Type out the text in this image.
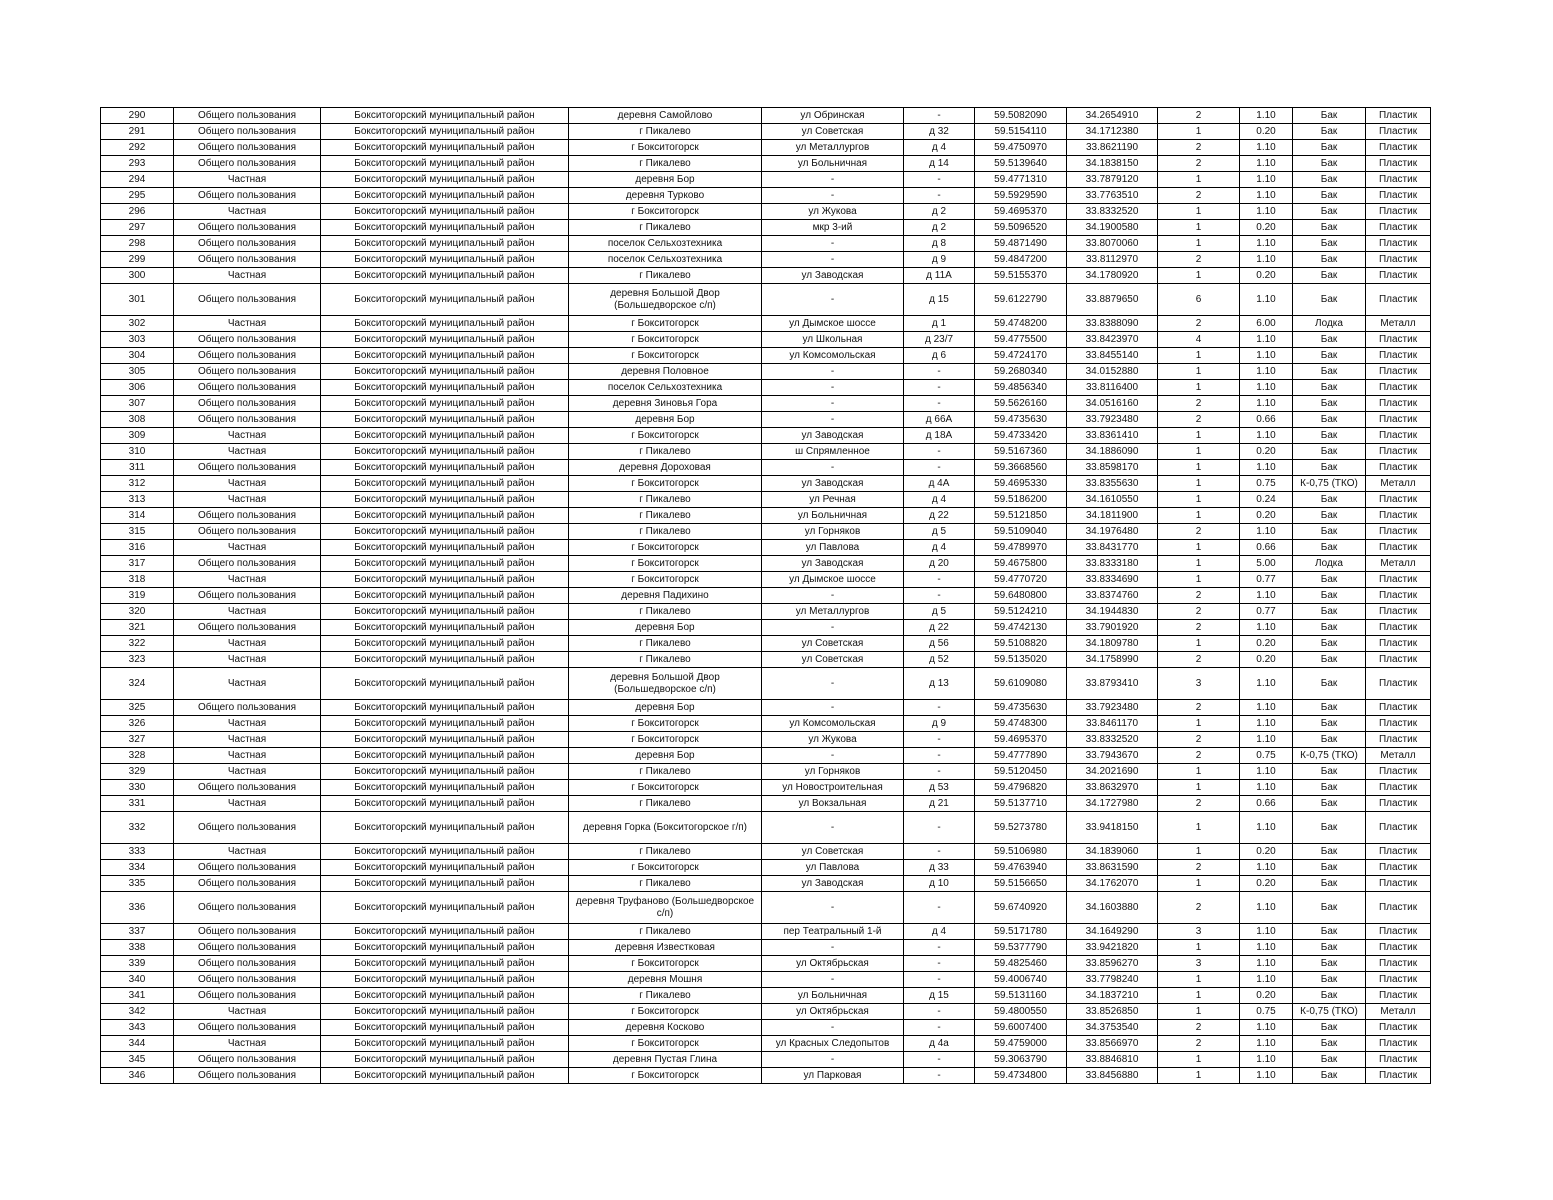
290	Общего пользования	Бокситогорский муниципальный район	деревня Самойлово	ул Обринская	-	59.5082090	34.2654910	2	1.10	Бак	Пластик
291	Общего пользования	Бокситогорский муниципальный район	г Пикалево	ул Советская	д 32	59.5154110	34.1712380	1	0.20	Бак	Пластик
292	Общего пользования	Бокситогорский муниципальный район	г Бокситогорск	ул Металлургов	д 4	59.4750970	33.8621190	2	1.10	Бак	Пластик
293	Общего пользования	Бокситогорский муниципальный район	г Пикалево	ул Больничная	д 14	59.5139640	34.1838150	2	1.10	Бак	Пластик
294	Частная	Бокситогорский муниципальный район	деревня Бор	-	-	59.4771310	33.7879120	1	1.10	Бак	Пластик
295	Общего пользования	Бокситогорский муниципальный район	деревня Турково	-	-	59.5929590	33.7763510	2	1.10	Бак	Пластик
296	Частная	Бокситогорский муниципальный район	г Бокситогорск	ул Жукова	д 2	59.4695370	33.8332520	1	1.10	Бак	Пластик
297	Общего пользования	Бокситогорский муниципальный район	г Пикалево	мкр 3-ий	д 2	59.5096520	34.1900580	1	0.20	Бак	Пластик
298	Общего пользования	Бокситогорский муниципальный район	поселок Сельхозтехника	-	д 8	59.4871490	33.8070060	1	1.10	Бак	Пластик
299	Общего пользования	Бокситогорский муниципальный район	поселок Сельхозтехника	-	д 9	59.4847200	33.8112970	2	1.10	Бак	Пластик
300	Частная	Бокситогорский муниципальный район	г Пикалево	ул Заводская	д 11А	59.5155370	34.1780920	1	0.20	Бак	Пластик
301	Общего пользования	Бокситогорский муниципальный район	деревня Большой Двор (Большедворское с/п)	-	д 15	59.6122790	33.8879650	6	1.10	Бак	Пластик
302	Частная	Бокситогорский муниципальный район	г Бокситогорск	ул Дымское шоссе	д 1	59.4748200	33.8388090	2	6.00	Лодка	Металл
303	Общего пользования	Бокситогорский муниципальный район	г Бокситогорск	ул Школьная	д 23/7	59.4775500	33.8423970	4	1.10	Бак	Пластик
304	Общего пользования	Бокситогорский муниципальный район	г Бокситогорск	ул Комсомольская	д 6	59.4724170	33.8455140	1	1.10	Бак	Пластик
305	Общего пользования	Бокситогорский муниципальный район	деревня Половное	-	-	59.2680340	34.0152880	1	1.10	Бак	Пластик
306	Общего пользования	Бокситогорский муниципальный район	поселок Сельхозтехника	-	-	59.4856340	33.8116400	1	1.10	Бак	Пластик
307	Общего пользования	Бокситогорский муниципальный район	деревня Зиновья Гора	-	-	59.5626160	34.0516160	2	1.10	Бак	Пластик
308	Общего пользования	Бокситогорский муниципальный район	деревня Бор	-	д 66А	59.4735630	33.7923480	2	0.66	Бак	Пластик
309	Частная	Бокситогорский муниципальный район	г Бокситогорск	ул Заводская	д 18А	59.4733420	33.8361410	1	1.10	Бак	Пластик
310	Частная	Бокситогорский муниципальный район	г Пикалево	ш Спрямленное	-	59.5167360	34.1886090	1	0.20	Бак	Пластик
311	Общего пользования	Бокситогорский муниципальный район	деревня Дороховая	-	-	59.3668560	33.8598170	1	1.10	Бак	Пластик
312	Частная	Бокситогорский муниципальный район	г Бокситогорск	ул Заводская	д 4А	59.4695330	33.8355630	1	0.75	К-0,75 (ТКО)	Металл
313	Частная	Бокситогорский муниципальный район	г Пикалево	ул Речная	д 4	59.5186200	34.1610550	1	0.24	Бак	Пластик
314	Общего пользования	Бокситогорский муниципальный район	г Пикалево	ул Больничная	д 22	59.5121850	34.1811900	1	0.20	Бак	Пластик
315	Общего пользования	Бокситогорский муниципальный район	г Пикалево	ул Горняков	д 5	59.5109040	34.1976480	2	1.10	Бак	Пластик
316	Частная	Бокситогорский муниципальный район	г Бокситогорск	ул Павлова	д 4	59.4789970	33.8431770	1	0.66	Бак	Пластик
317	Общего пользования	Бокситогорский муниципальный район	г Бокситогорск	ул Заводская	д 20	59.4675800	33.8333180	1	5.00	Лодка	Металл
318	Частная	Бокситогорский муниципальный район	г Бокситогорск	ул Дымское шоссе	-	59.4770720	33.8334690	1	0.77	Бак	Пластик
319	Общего пользования	Бокситогорский муниципальный район	деревня Падихино	-	-	59.6480800	33.8374760	2	1.10	Бак	Пластик
320	Частная	Бокситогорский муниципальный район	г Пикалево	ул Металлургов	д 5	59.5124210	34.1944830	2	0.77	Бак	Пластик
321	Общего пользования	Бокситогорский муниципальный район	деревня Бор	-	д 22	59.4742130	33.7901920	2	1.10	Бак	Пластик
322	Частная	Бокситогорский муниципальный район	г Пикалево	ул Советская	д 56	59.5108820	34.1809780	1	0.20	Бак	Пластик
323	Частная	Бокситогорский муниципальный район	г Пикалево	ул Советская	д 52	59.5135020	34.1758990	2	0.20	Бак	Пластик
324	Частная	Бокситогорский муниципальный район	деревня Большой Двор (Большедворское с/п)	-	д 13	59.6109080	33.8793410	3	1.10	Бак	Пластик
325	Общего пользования	Бокситогорский муниципальный район	деревня Бор	-	-	59.4735630	33.7923480	2	1.10	Бак	Пластик
326	Частная	Бокситогорский муниципальный район	г Бокситогорск	ул Комсомольская	д 9	59.4748300	33.8461170	1	1.10	Бак	Пластик
327	Частная	Бокситогорский муниципальный район	г Бокситогорск	ул Жукова	-	59.4695370	33.8332520	2	1.10	Бак	Пластик
328	Частная	Бокситогорский муниципальный район	деревня Бор	-	-	59.4777890	33.7943670	2	0.75	К-0,75 (ТКО)	Металл
329	Частная	Бокситогорский муниципальный район	г Пикалево	ул Горняков	-	59.5120450	34.2021690	1	1.10	Бак	Пластик
330	Общего пользования	Бокситогорский муниципальный район	г Бокситогорск	ул Новостроительная	д 53	59.4796820	33.8632970	1	1.10	Бак	Пластик
331	Частная	Бокситогорский муниципальный район	г Пикалево	ул Вокзальная	д 21	59.5137710	34.1727980	2	0.66	Бак	Пластик
332	Общего пользования	Бокситогорский муниципальный район	деревня Горка (Бокситогорское г/п)	-	-	59.5273780	33.9418150	1	1.10	Бак	Пластик
333	Частная	Бокситогорский муниципальный район	г Пикалево	ул Советская	-	59.5106980	34.1839060	1	0.20	Бак	Пластик
334	Общего пользования	Бокситогорский муниципальный район	г Бокситогорск	ул Павлова	д 33	59.4763940	33.8631590	2	1.10	Бак	Пластик
335	Общего пользования	Бокситогорский муниципальный район	г Пикалево	ул Заводская	д 10	59.5156650	34.1762070	1	0.20	Бак	Пластик
336	Общего пользования	Бокситогорский муниципальный район	деревня Труфаново (Большедворское с/п)	-	-	59.6740920	34.1603880	2	1.10	Бак	Пластик
337	Общего пользования	Бокситогорский муниципальный район	г Пикалево	пер Театральный 1-й	д 4	59.5171780	34.1649290	3	1.10	Бак	Пластик
338	Общего пользования	Бокситогорский муниципальный район	деревня Известковая	-	-	59.5377790	33.9421820	1	1.10	Бак	Пластик
339	Общего пользования	Бокситогорский муниципальный район	г Бокситогорск	ул Октябрьская	-	59.4825460	33.8596270	3	1.10	Бак	Пластик
340	Общего пользования	Бокситогорский муниципальный район	деревня Мошня	-	-	59.4006740	33.7798240	1	1.10	Бак	Пластик
341	Общего пользования	Бокситогорский муниципальный район	г Пикалево	ул Больничная	д 15	59.5131160	34.1837210	1	0.20	Бак	Пластик
342	Частная	Бокситогорский муниципальный район	г Бокситогорск	ул Октябрьская	-	59.4800550	33.8526850	1	0.75	К-0,75 (ТКО)	Металл
343	Общего пользования	Бокситогорский муниципальный район	деревня Косково	-	-	59.6007400	34.3753540	2	1.10	Бак	Пластик
344	Частная	Бокситогорский муниципальный район	г Бокситогорск	ул Красных Следопытов	д 4а	59.4759000	33.8566970	2	1.10	Бак	Пластик
345	Общего пользования	Бокситогорский муниципальный район	деревня Пустая Глина	-	-	59.3063790	33.8846810	1	1.10	Бак	Пластик
346	Общего пользования	Бокситогорский муниципальный район	г Бокситогорск	ул Парковая	-	59.4734800	33.8456880	1	1.10	Бак	Пластик
